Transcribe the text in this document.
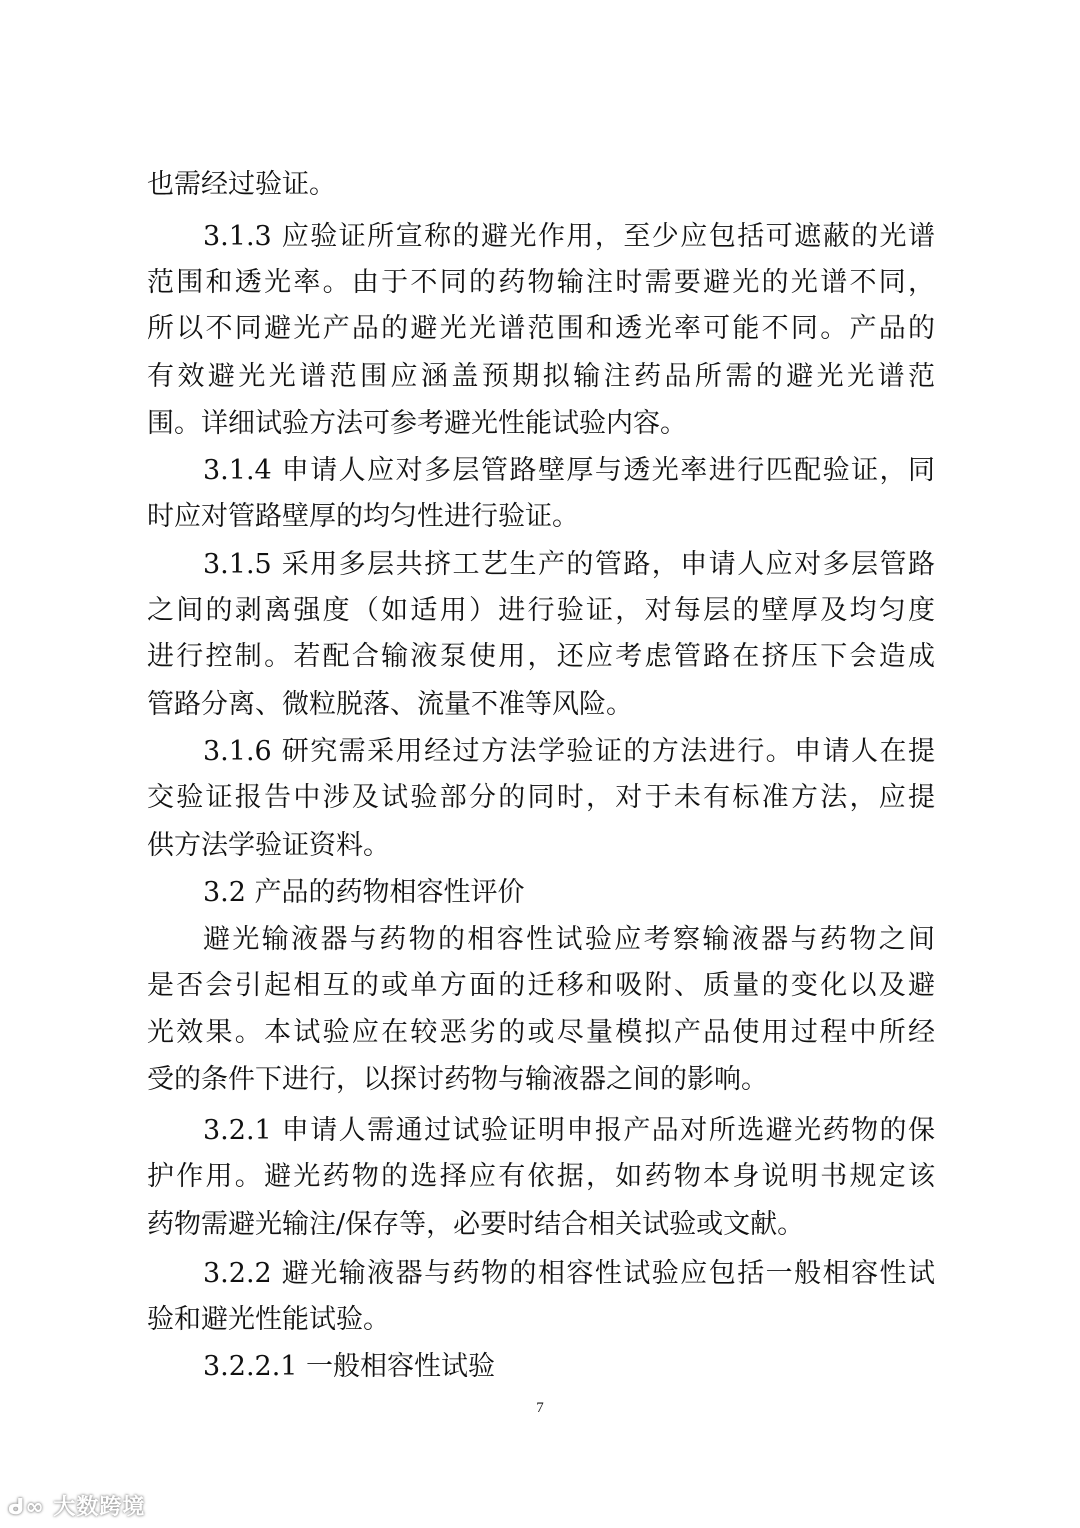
也需经过验证。
3.1.3 应验证所宣称的避光作用，至少应包括可遮蔽的光谱
范围和透光率。由于不同的药物输注时需要避光的光谱不同，
所以不同避光产品的避光光谱范围和透光率可能不同。产品的
有效避光光谱范围应涵盖预期拟输注药品所需的避光光谱范
围。详细试验方法可参考避光性能试验内容。
3.1.4 申请人应对多层管路壁厚与透光率进行匹配验证，同
时应对管路壁厚的均匀性进行验证。
3.1.5 采用多层共挤工艺生产的管路，申请人应对多层管路
之间的剥离强度（如适用）进行验证，对每层的壁厚及均匀度
进行控制。若配合输液泵使用，还应考虑管路在挤压下会造成
管路分离、微粒脱落、流量不准等风险。
3.1.6 研究需采用经过方法学验证的方法进行。申请人在提
交验证报告中涉及试验部分的同时，对于未有标准方法，应提
供方法学验证资料。
3.2 产品的药物相容性评价
避光输液器与药物的相容性试验应考察输液器与药物之间
是否会引起相互的或单方面的迁移和吸附、质量的变化以及避
光效果。本试验应在较恶劣的或尽量模拟产品使用过程中所经
受的条件下进行，以探讨药物与输液器之间的影响。
3.2.1 申请人需通过试验证明申报产品对所选避光药物的保
护作用。避光药物的选择应有依据，如药物本身说明书规定该
药物需避光输注/保存等，必要时结合相关试验或文献。
3.2.2 避光输液器与药物的相容性试验应包括一般相容性试
验和避光性能试验。
3.2.2.1 一般相容性试验
7
ᑯ∞ 大数跨境
